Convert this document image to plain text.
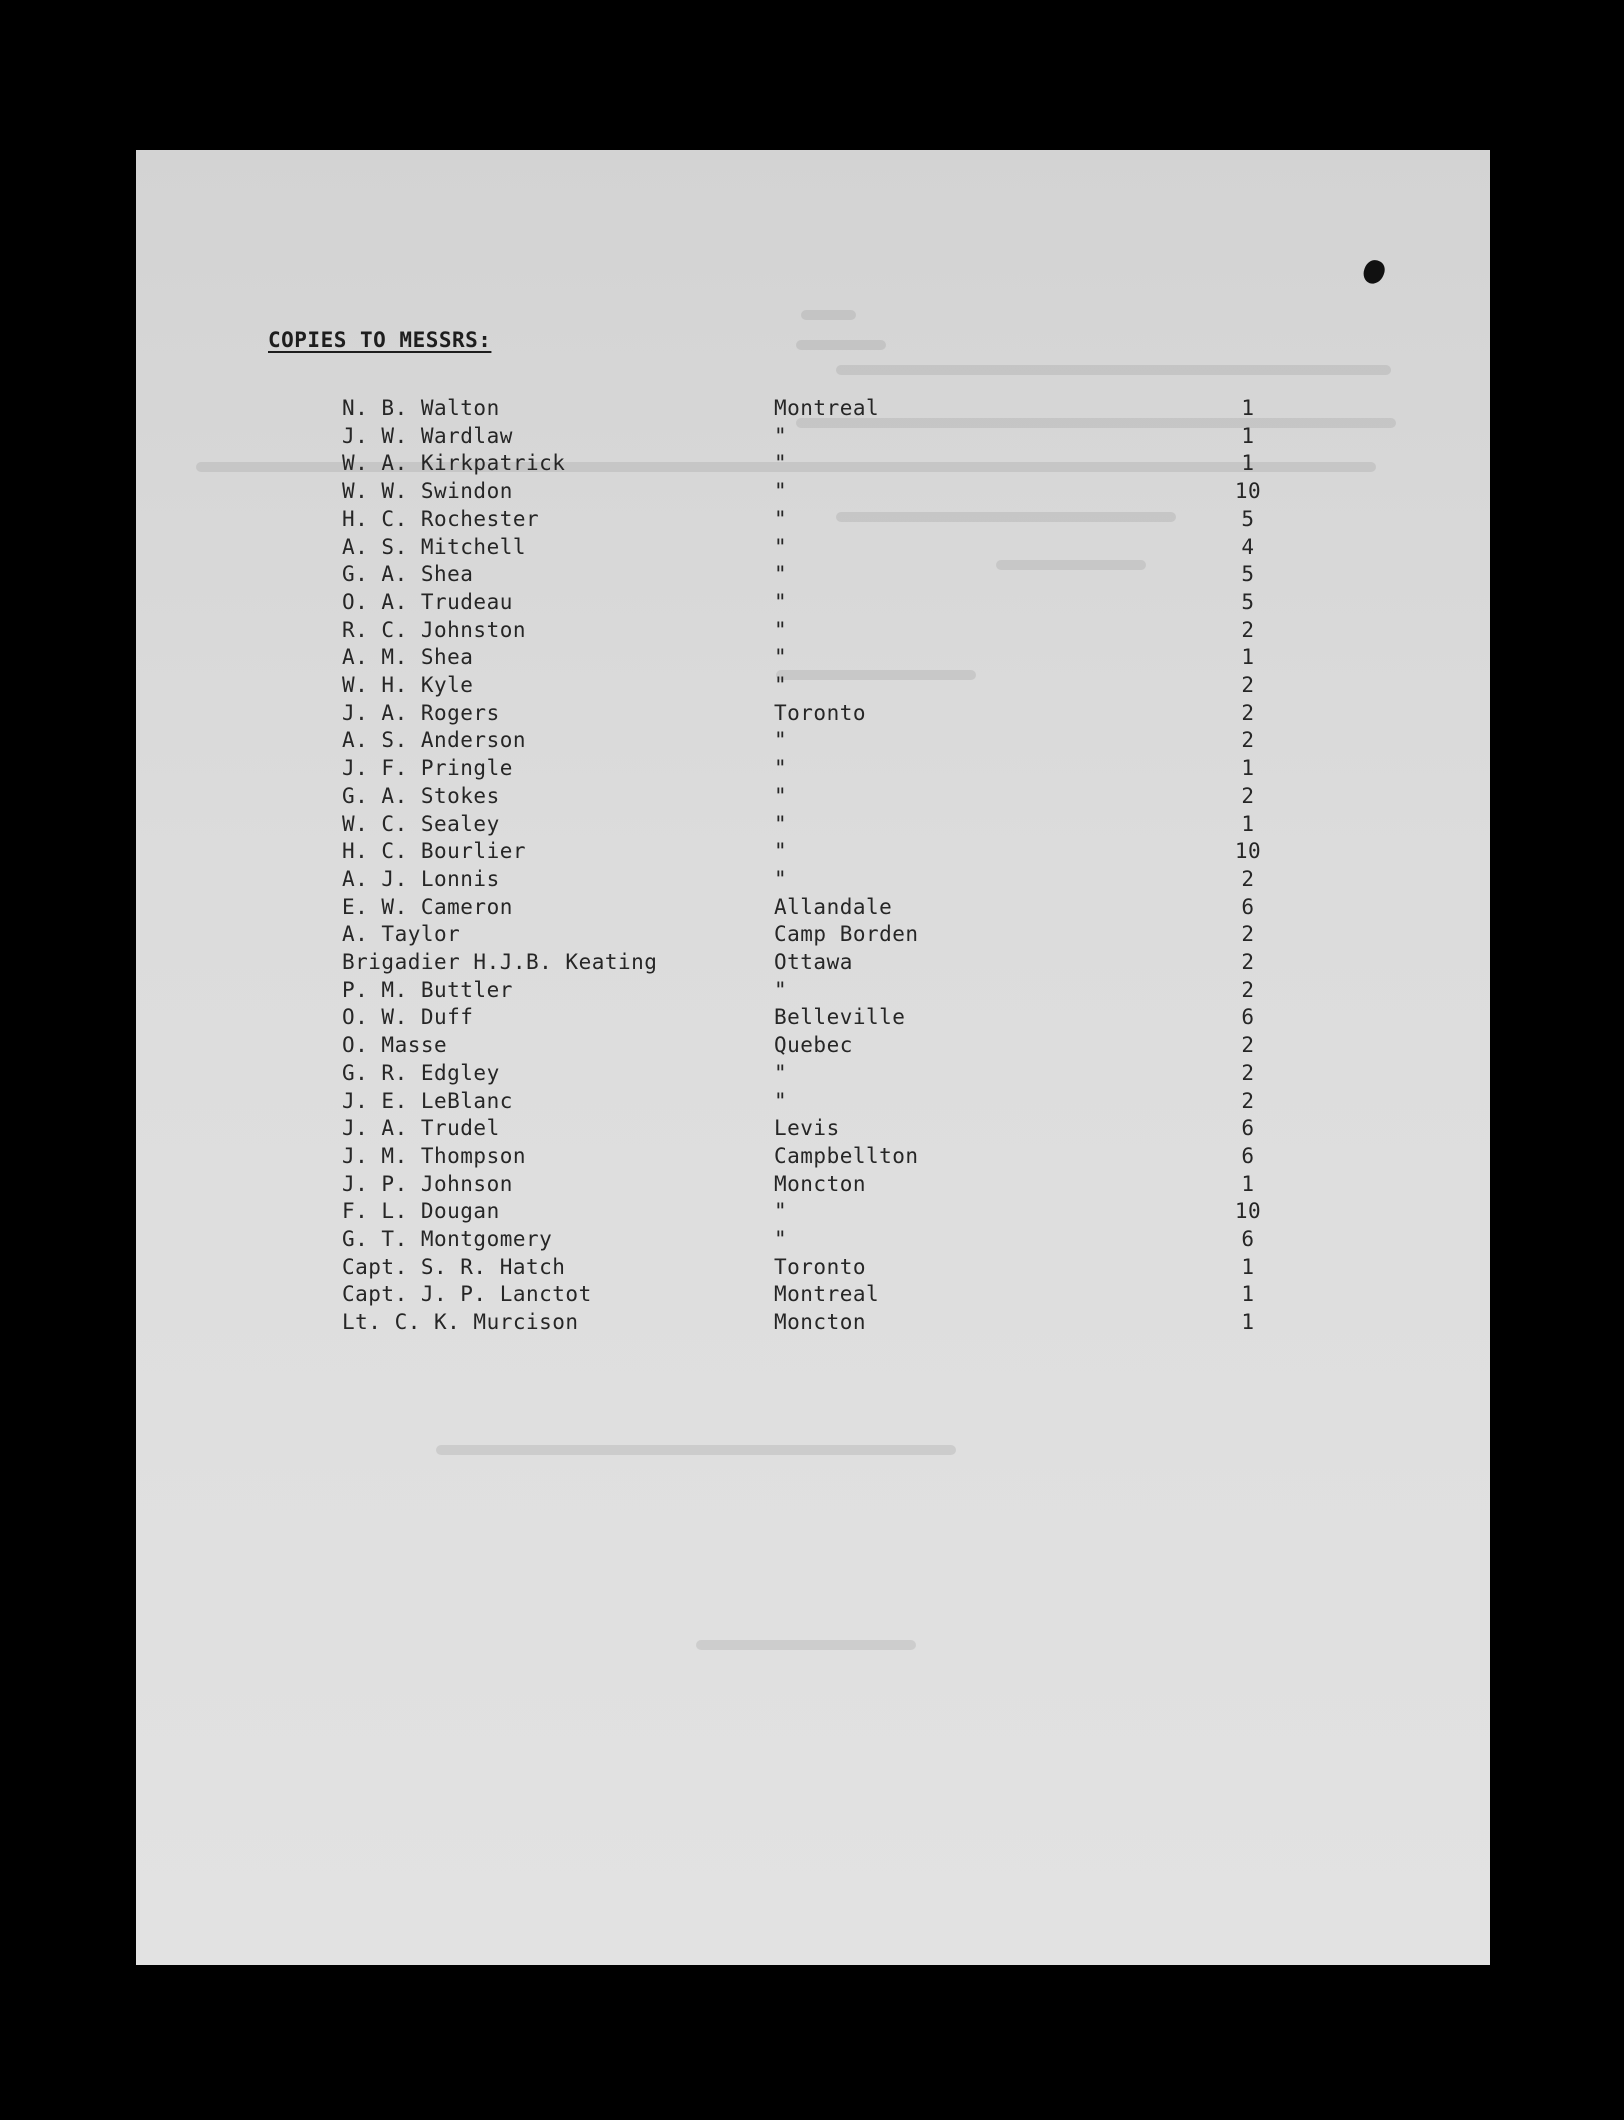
COPIES TO MESSRS:
N. B. Walton	Montreal	1
J. W. Wardlaw	"	1
W. A. Kirkpatrick	"	1
W. W. Swindon	"	10
H. C. Rochester	"	5
A. S. Mitchell	"	4
G. A. Shea	"	5
O. A. Trudeau	"	5
R. C. Johnston	"	2
A. M. Shea	"	1
W. H. Kyle	"	2
J. A. Rogers	Toronto	2
A. S. Anderson	"	2
J. F. Pringle	"	1
G. A. Stokes	"	2
W. C. Sealey	"	1
H. C. Bourlier	"	10
A. J. Lonnis	"	2
E. W. Cameron	Allandale	6
A. Taylor	Camp Borden	2
Brigadier H.J.B. Keating	Ottawa	2
P. M. Buttler	"	2
O. W. Duff	Belleville	6
O. Masse	Quebec	2
G. R. Edgley	"	2
J. E. LeBlanc	"	2
J. A. Trudel	Levis	6
J. M. Thompson	Campbellton	6
J. P. Johnson	Moncton	1
F. L. Dougan	"	10
G. T. Montgomery	"	6
Capt. S. R. Hatch	Toronto	1
Capt. J. P. Lanctot	Montreal	1
Lt. C. K. Murcison	Moncton	1
